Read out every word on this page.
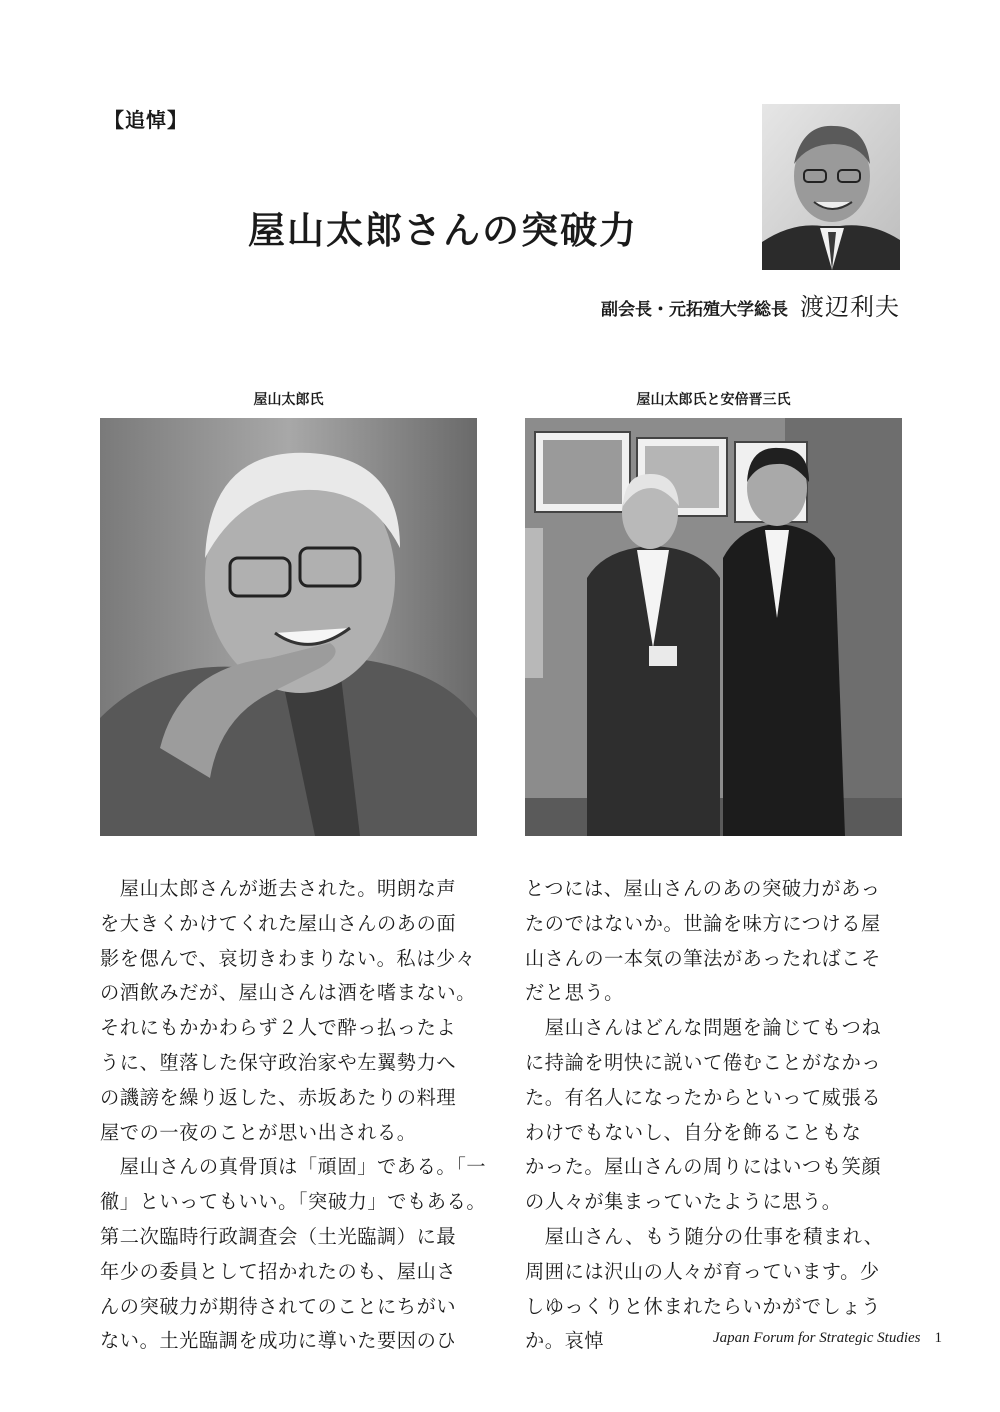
【追悼】
屋山太郎さんの突破力
副会長・元拓殖大学総長 渡辺利夫
屋山太郎氏	屋山太郎氏と安倍晋三氏

　屋山太郎さんが逝去された。明朗な声

を大きくかけてくれた屋山さんのあの面

影を偲んで、哀切きわまりない。私は少々

の酒飲みだが、屋山さんは酒を嗜まない。

それにもかかわらず２人で酔っ払ったよ

うに、堕落した保守政治家や左翼勢力へ

の譏謗を繰り返した、赤坂あたりの料理

屋での一夜のことが思い出される。

　屋山さんの真骨頂は「頑固」である。「一

徹」といってもいい。「突破力」でもある。

第二次臨時行政調査会（土光臨調）に最

年少の委員として招かれたのも、屋山さ

んの突破力が期待されてのことにちがい

ない。土光臨調を成功に導いた要因のひ

とつには、屋山さんのあの突破力があっ

たのではないか。世論を味方につける屋

山さんの一本気の筆法があったればこそ

だと思う。

　屋山さんはどんな問題を論じてもつね

に持論を明快に説いて倦むことがなかっ

た。有名人になったからといって威張る

わけでもないし、自分を飾ることもな

かった。屋山さんの周りにはいつも笑顔

の人々が集まっていたように思う。

　屋山さん、もう随分の仕事を積まれ、

周囲には沢山の人々が育っています。少

しゆっくりと休まれたらいかがでしょう

か。哀悼	Japan Forum for Strategic Studies 1
